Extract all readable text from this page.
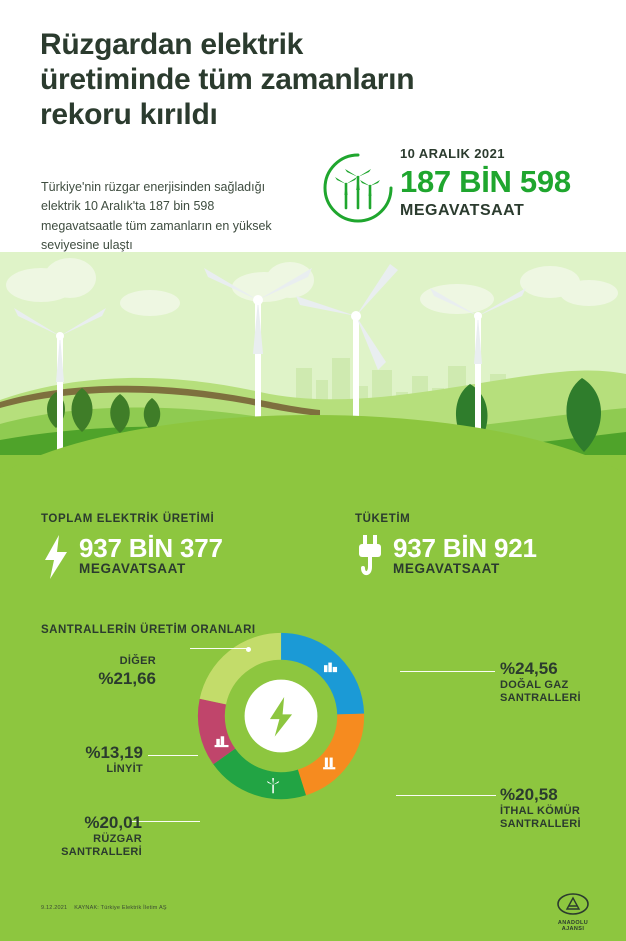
Rüzgardan elektrik üretiminde tüm zamanların rekoru kırıldı
Türkiye'nin rüzgar enerjisinden sağladığı elektrik 10 Aralık'ta 187 bin 598 megavatsaatle tüm zamanların en yüksek seviyesine ulaştı
10 ARALIK 2021
187 BİN 598
MEGAVATSAAT
TOPLAM ELEKTRİK ÜRETİMİ
937 BİN 377
MEGAVATSAAT
TÜKETİM
937 BİN 921
MEGAVATSAAT
SANTRALLERİN ÜRETİM ORANLARI
DİĞER
%21,66
%24,56
DOĞAL GAZ
SANTRALLERİ
%20,58
İTHAL KÖMÜR
SANTRALLERİ
%13,19
LİNYİT
%20,01
RÜZGAR
SANTRALLERİ
9.12.2021 KAYNAK: Türkiye Elektrik İletim AŞ
ANADOLU AJANSI
